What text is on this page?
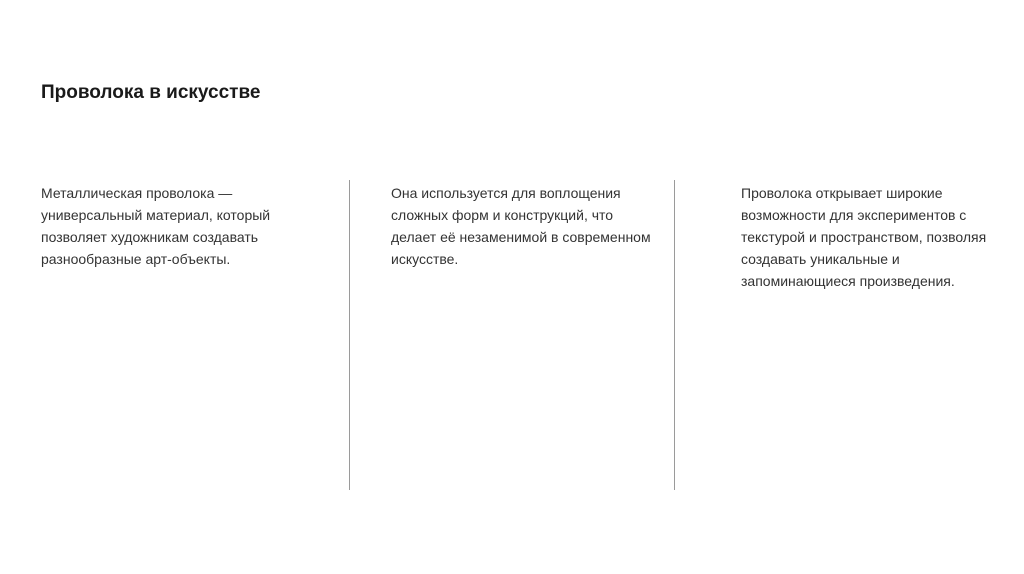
Проволока в искусстве

Металлическая проволока —

универсальный материал, который

позволяет художникам создавать

разнообразные арт-объекты.

Она используется для воплощения

сложных форм и конструкций, что

делает её незаменимой в современном

искусстве.

Проволока открывает широкие

возможности для экспериментов с

текстурой и пространством, позволяя

создавать уникальные и

запоминающиеся произведения.
